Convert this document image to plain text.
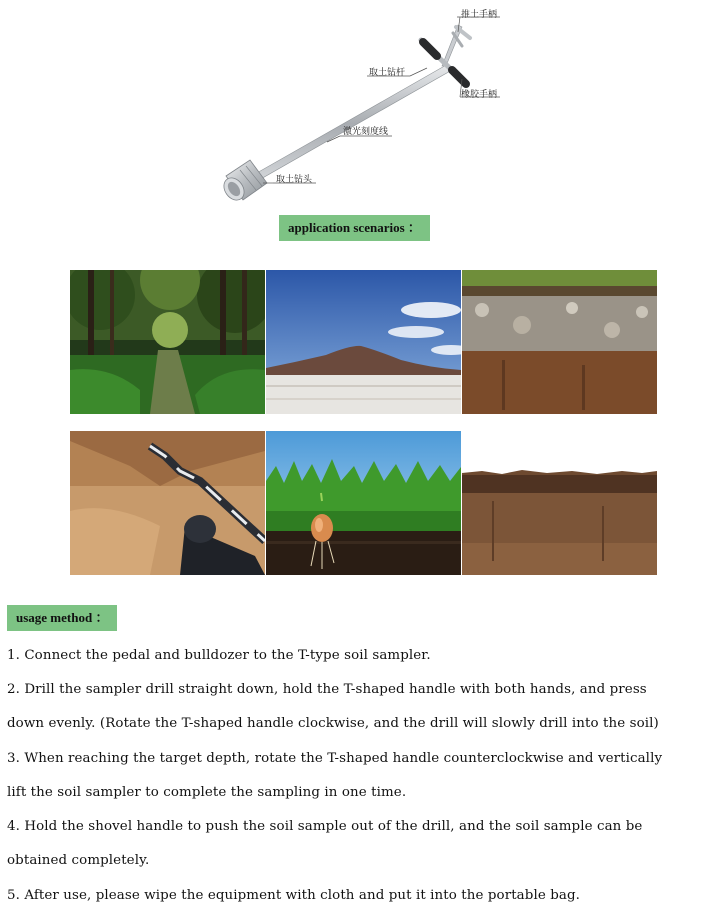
推土手柄
取土钻杆
橡胶手柄
激光刻度线
取土钻头
application scenarios ：
usage method ：
1. Connect the pedal and bulldozer to the T-type soil sampler.
2. Drill the sampler drill straight down, hold the T-shaped handle with both hands, and press
down evenly. (Rotate the T-shaped handle clockwise, and the drill will slowly drill into the soil)
3. When reaching the target depth, rotate the T-shaped handle counterclockwise and vertically
lift the soil sampler to complete the sampling in one time.
4. Hold the shovel handle to push the soil sample out of the drill, and the soil sample can be
obtained completely.
5. After use, please wipe the equipment with cloth and put it into the portable bag.
